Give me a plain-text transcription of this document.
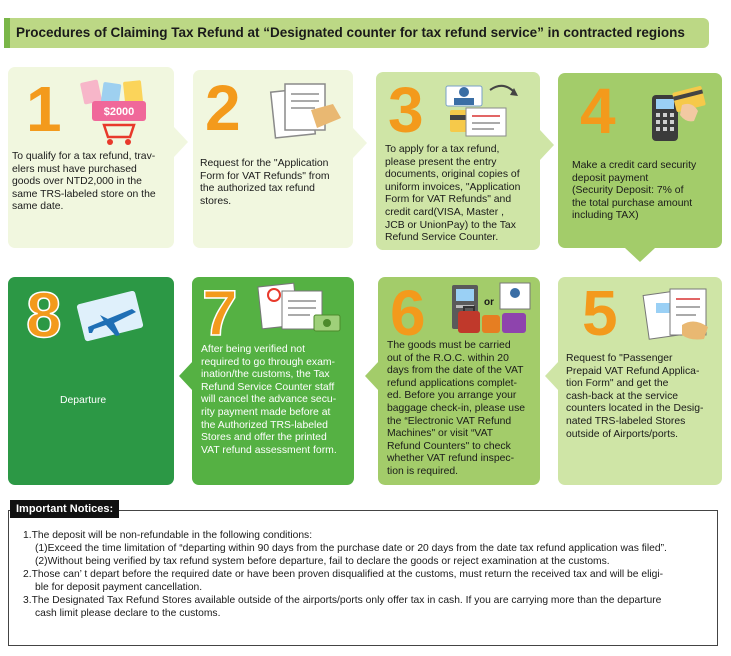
Procedures of Claiming Tax Refund at “Designated counter for tax refund service” in contracted regions
1	$2000
To qualify for a tax refund, trav-
elers must have purchased
goods over NTD2,000 in the
same TRS-labeled store on the
same date.
2
Request for the "Application
Form for VAT Refunds" from
the authorized tax refund
stores.
3
To apply for a tax refund,
please present the entry
documents, original copies of
uniform invoices, "Application
Form for VAT Refunds" and
credit card(VISA, Master ,
JCB or UnionPay) to the Tax
Refund Service Counter.
4
Make a credit card security
deposit payment
(Security Deposit: 7% of
the total purchase amount
including TAX)
8
Departure
7
After being verified not
required to go through exam-
ination/the customs, the Tax
Refund Service Counter staff
will cancel the advance secu-
rity payment made before at
the Authorized TRS-labeled
Stores and offer the printed
VAT refund assessment form.
6	or
The goods must be carried
out of the R.O.C. within 20
days from the date of the VAT
refund applications complet-
ed. Before you arrange your
baggage check-in, please use
the “Electronic VAT Refund
Machines" or visit “VAT
Refund Counters" to check
whether VAT refund inspec-
tion is required.
5
Request fo "Passenger
Prepaid VAT Refund Applica-
tion Form" and get the
cash-back at the service
counters located in the Desig-
nated TRS-labeled Stores
outside of Airports/ports.
Important Notices:
1.The deposit will be non-refundable in the following conditions:
(1)Exceed the time limitation of “departing within 90 days from the purchase date or 20 days from the date tax refund application was filed”.
(2)Without being verified by tax refund system before departure, fail to declare the goods or reject examination at the customs.
2.Those can’ t depart before the required date or have been proven disqualified at the customs, must return the received tax and will be eligi-
ble for deposit payment cancellation.
3.The Designated Tax Refund Stores available outside of the airports/ports only offer tax in cash. If you are carrying more than the departure
cash limit please declare to the customs.
